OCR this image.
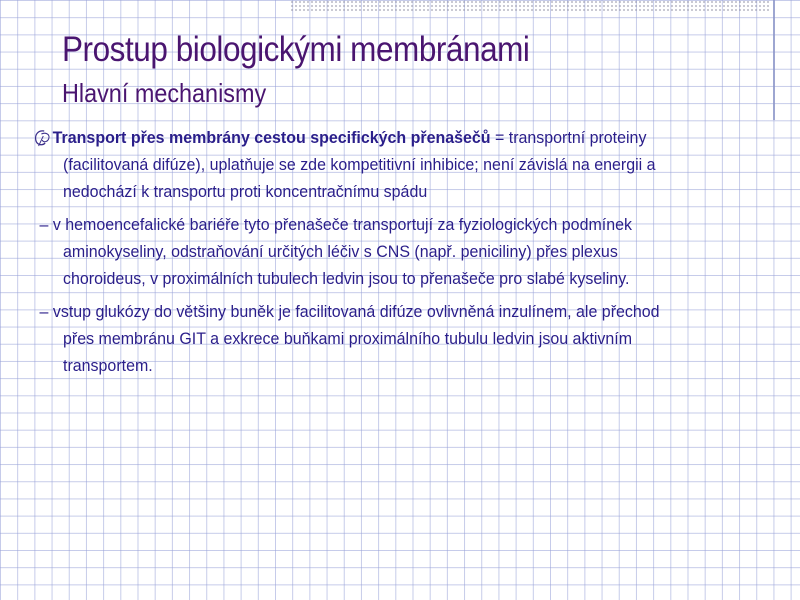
Prostup biologickými membránami
Hlavní mechanismy
Transport přes membrány cestou specifických přenašečů = transportní proteiny
(facilitovaná difúze), uplatňuje se zde kompetitivní inhibice; není závislá na energii a
nedochází k transportu proti koncentračnímu spádu
– v hemoencefalické bariéře tyto přenašeče transportují za fyziologických podmínek
aminokyseliny, odstraňování určitých léčiv s CNS (např. peniciliny) přes plexus
choroideus, v proximálních tubulech ledvin jsou to přenašeče pro slabé kyseliny.
– vstup glukózy do většiny buněk je facilitovaná difúze ovlivněná inzulínem, ale přechod
přes membránu GIT a exkrece buňkami proximálního tubulu ledvin jsou aktivním
transportem.
